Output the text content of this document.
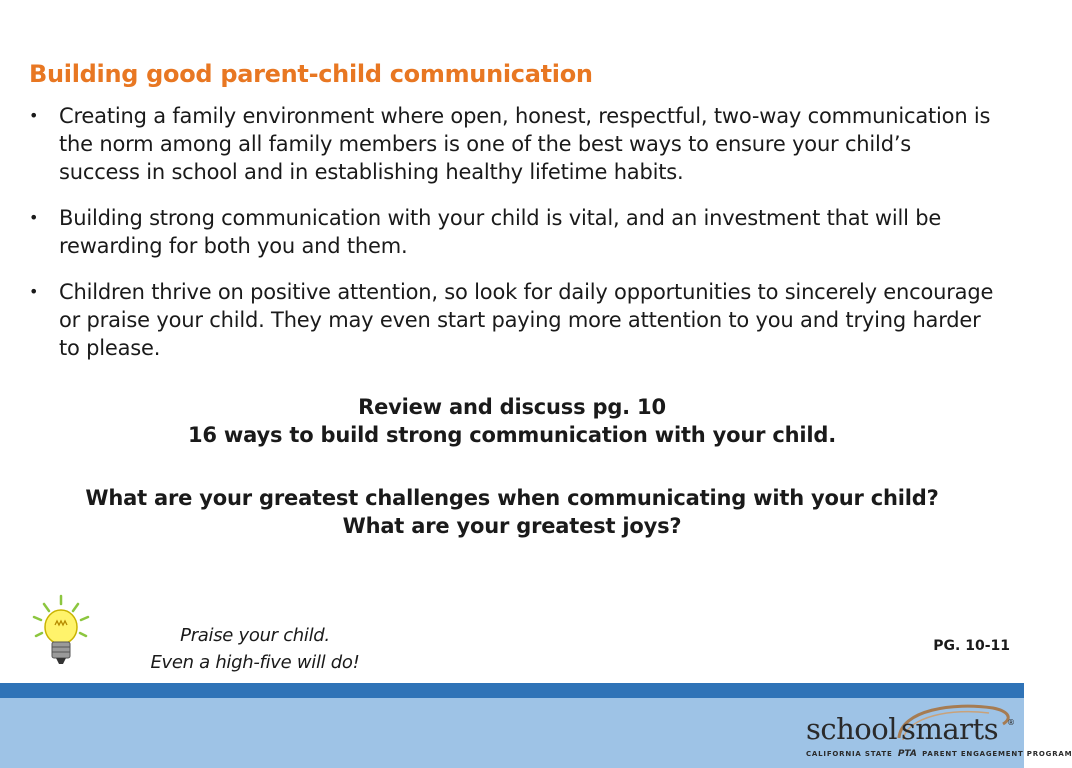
Building good parent-child communication
• Creating a family environment where open, honest, respectful, two-way communication is the norm among all family members is one of the best ways to ensure your child’s success in school and in establishing healthy lifetime habits.
• Building strong communication with your child is vital, and an investment that will be rewarding for both you and them.
• Children thrive on positive attention, so look for daily opportunities to sincerely encourage or praise your child. They may even start paying more attention to you and trying harder to please.
Review and discuss pg. 10
16 ways to build strong communication with your child.
What are your greatest challenges when communicating with your child?
What are your greatest joys?
Praise your child.
Even a high-five will do!
PG. 10-11
school smarts ®
CALIFORNIA STATE PTA PARENT ENGAGEMENT PROGRAM
